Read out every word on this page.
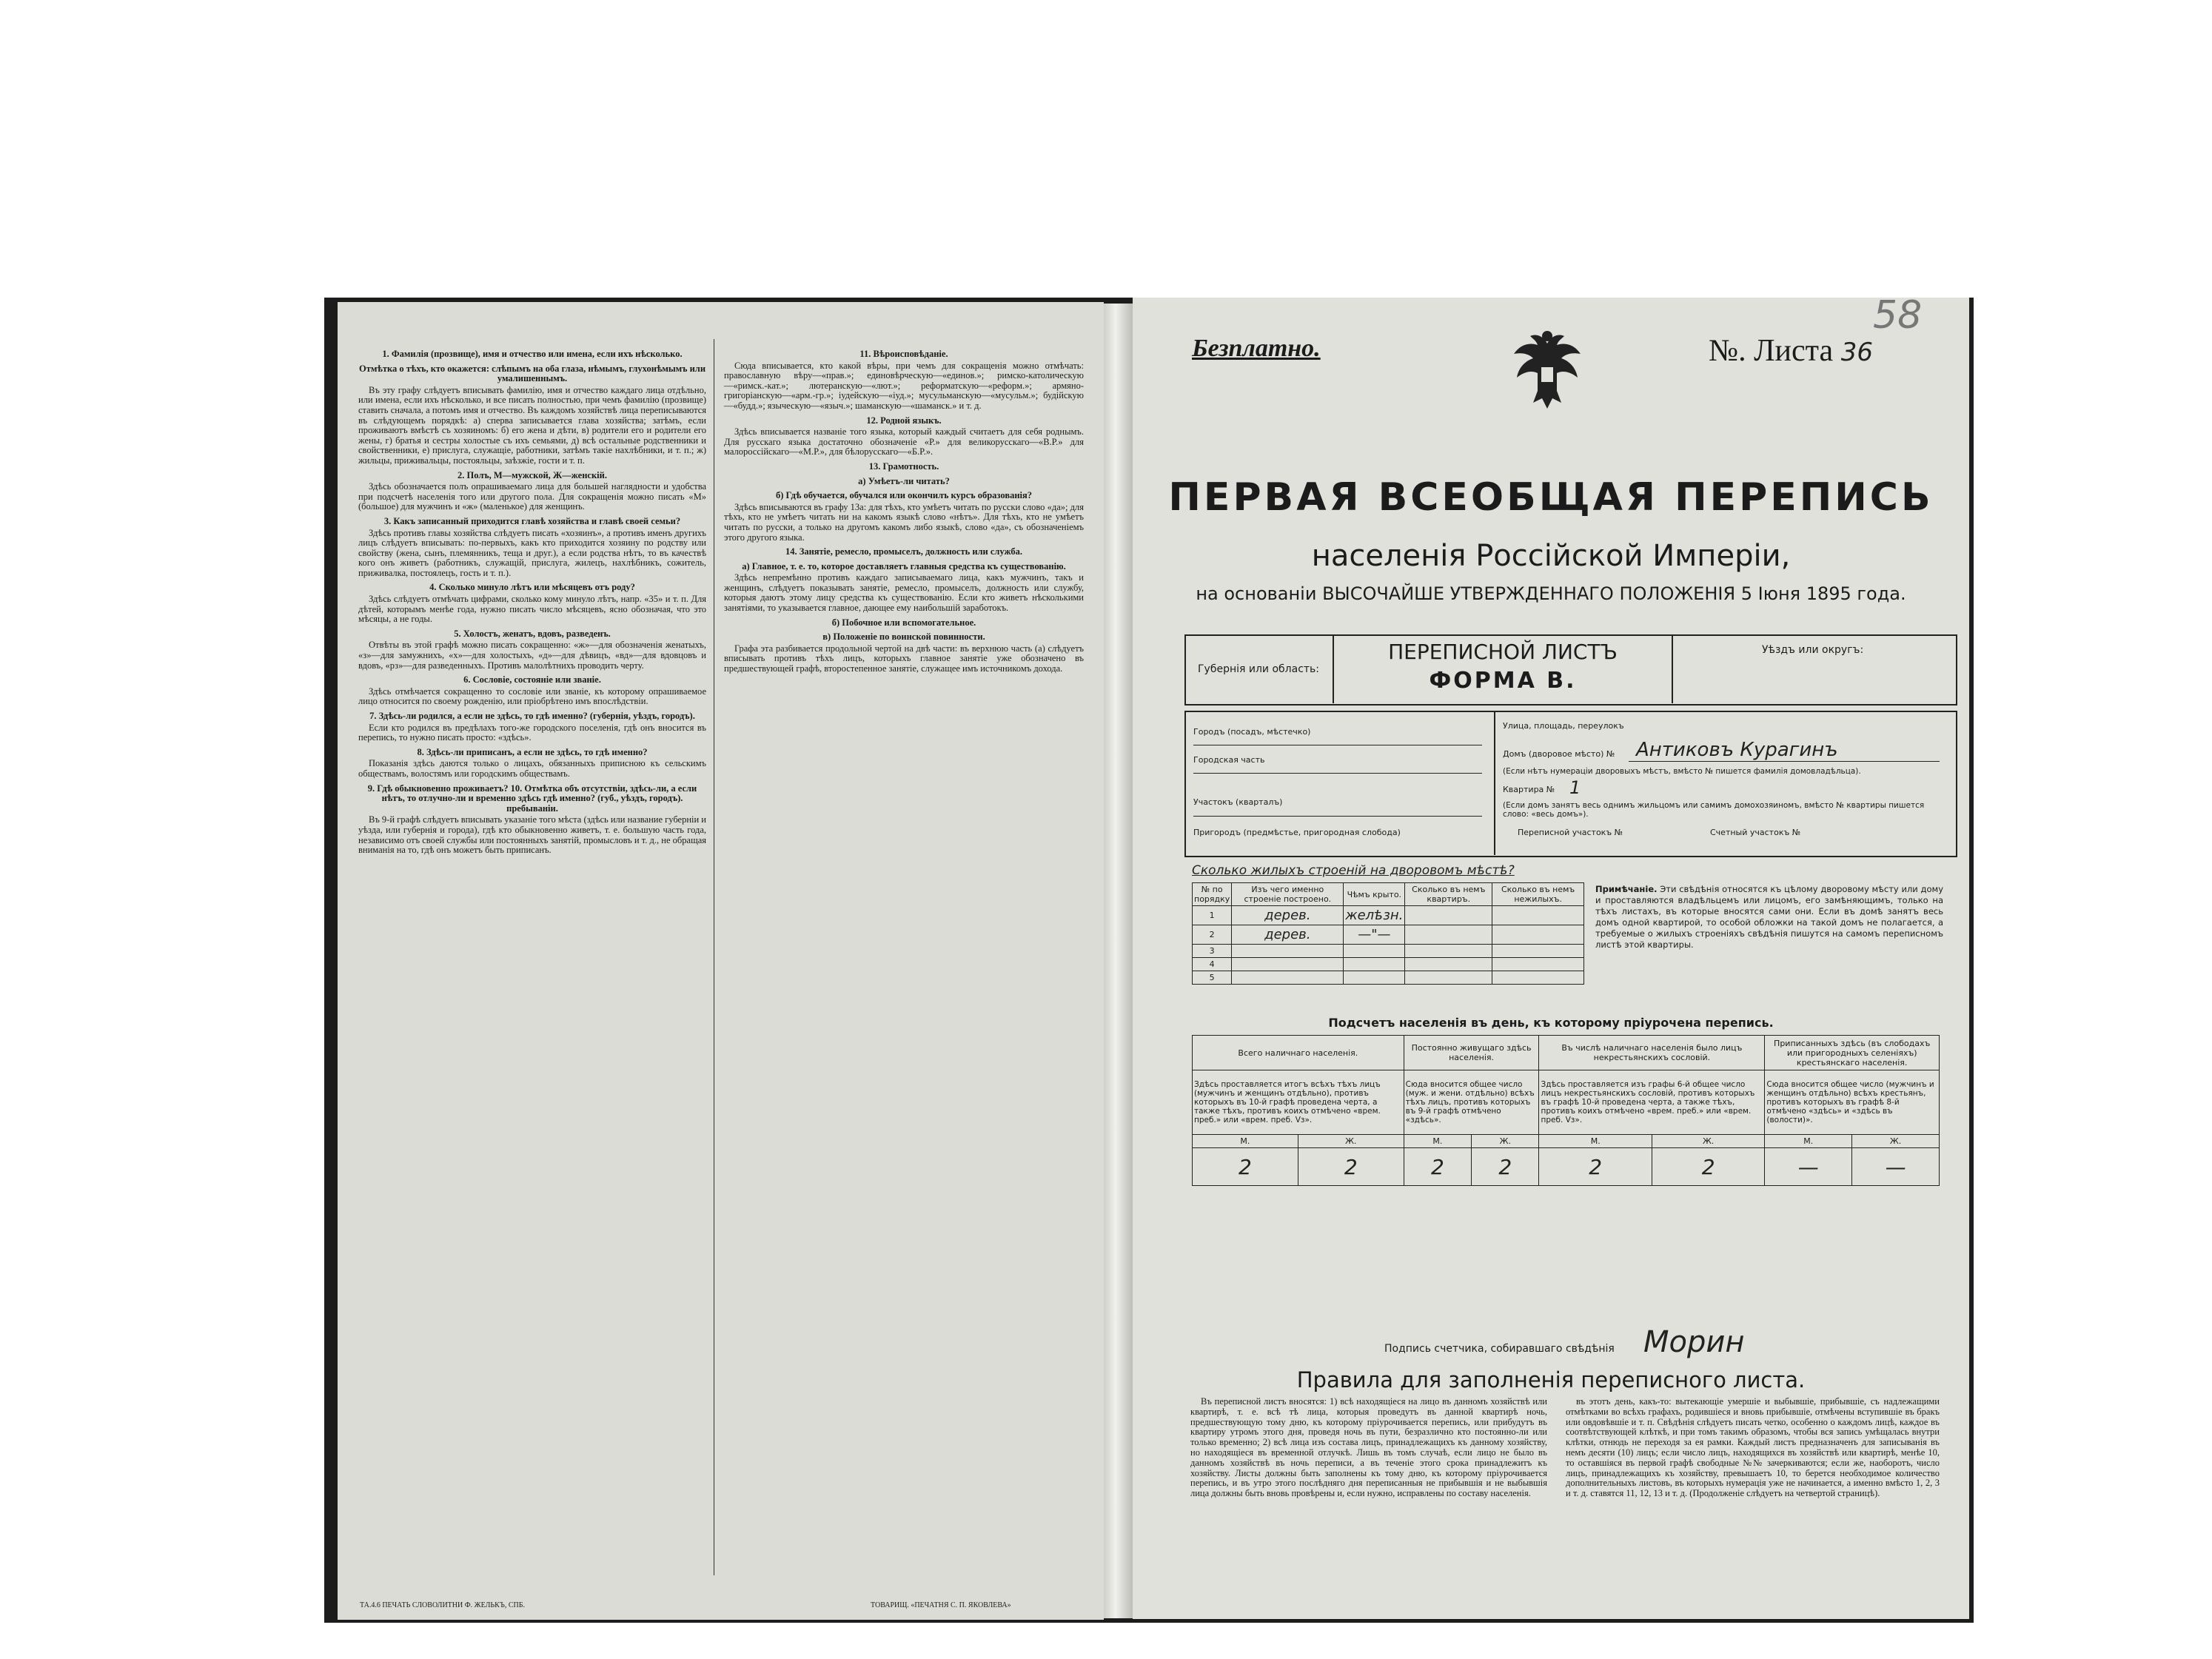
1. Фамилія (прозвище), имя и отчество или имена, если ихъ нѣсколько.
Отмѣтка о тѣхъ, кто окажется: слѣпымъ на оба глаза, нѣмымъ, глухонѣмымъ или умалишеннымъ.

Въ эту графу слѣдуетъ вписывать фамилію, имя и отчество каждаго лица отдѣльно, или имена, если ихъ нѣсколько, и все писать полностью, при чемъ фамилію (прозвище) ставить сначала, а потомъ имя и отчество. Въ каждомъ хозяйствѣ лица переписываются въ слѣдующемъ порядкѣ: а) сперва записывается глава хозяйства; затѣмъ, если проживаютъ вмѣстѣ съ хозяиномъ: б) его жена и дѣти, в) родители его и родители его жены, г) братья и сестры холостые съ ихъ семьями, д) всѣ остальные родственники и свойственники, е) прислуга, служащіе, работники, затѣмъ такіе нахлѣбники, и т. п.; ж) жильцы, приживальцы, постояльцы, заѣзжіе, гости и т. п.

2. Полъ, М—мужской, Ж—женскій.

Здѣсь обозначается полъ опрашиваемаго лица для большей наглядности и удобства при подсчетѣ населенія того или другого пола. Для сокращенія можно писать «М» (большое) для мужчинъ и «ж» (маленькое) для женщинъ.

3. Какъ записанный приходится главѣ хозяйства и главѣ своей семьи?

Здѣсь противъ главы хозяйства слѣдуетъ писать «хозяинъ», а противъ именъ другихъ лицъ слѣдуетъ вписывать: по-первыхъ, какъ кто приходится хозяину по родству или свойству (жена, сынъ, племянникъ, теща и друг.), а если родства нѣтъ, то въ качествѣ кого онъ живетъ (работникъ, служащій, прислуга, жилецъ, нахлѣбникъ, сожитель, приживалка, постоялецъ, гость и т. п.).

4. Сколько минуло лѣтъ или мѣсяцевъ отъ роду?

Здѣсь слѣдуетъ отмѣчать цифрами, сколько кому минуло лѣтъ, напр. «35» и т. п. Для дѣтей, которымъ менѣе года, нужно писать число мѣсяцевъ, ясно обозначая, что это мѣсяцы, а не годы.

5. Холостъ, женатъ, вдовъ, разведенъ.

Отвѣты въ этой графѣ можно писать сокращенно: «ж»—для обозначенія женатыхъ, «з»—для замужнихъ, «х»—для холостыхъ, «д»—для дѣвицъ, «вд»—для вдовцовъ и вдовъ, «рз»—для разведенныхъ. Противъ малолѣтнихъ проводить черту.

6. Сословіе, состояніе или званіе.

Здѣсь отмѣчается сокращенно то сословіе или званіе, къ которому опрашиваемое лицо относится по своему рожденію, или пріобрѣтено имъ впослѣдствіи.

7. Здѣсь-ли родился, а если не здѣсь, то гдѣ именно? (губернія, уѣздъ, городъ).

Если кто родился въ предѣлахъ того-же городского поселенія, гдѣ онъ вносится въ перепись, то нужно писать просто: «здѣсь».

8. Здѣсь-ли приписанъ, а если не здѣсь, то гдѣ именно?

Показанія здѣсь даются только о лицахъ, обязанныхъ приписною къ сельскимъ обществамъ, волостямъ или городскимъ обществамъ.

9. Гдѣ обыкновенно проживаетъ? 10. Отмѣтка объ отсутствіи, здѣсь-ли, а если нѣтъ, то отлучно-ли и временно здѣсь гдѣ именно? (губ., уѣздъ, городъ). пребываніи.

Въ 9-й графѣ слѣдуетъ вписывать указаніе того мѣста (здѣсь или название губерніи и уѣзда, или губернія и города), гдѣ кто обыкновенно живетъ, т. е. большую часть года, независимо отъ своей службы или постоянныхъ занятій, промысловъ и т. д., не обращая вниманія на то, гдѣ онъ можетъ быть приписанъ.

11. Вѣроисповѣданіе.

Сюда вписывается, кто какой вѣры, при чемъ для сокращенія можно отмѣчать: православную вѣру—«прав.»; единовѣрческую—«единов.»; римско-католическую—«римск.-кат.»; лютеранскую—«лют.»; реформатскую—«реформ.»; армяно-григоріанскую—«арм.-гр.»; іудейскую—«іуд.»; мусульманскую—«мусульм.»; будійскую—«будд.»; языческую—«языч.»; шаманскую—«шаманск.» и т. д.

12. Родной языкъ.

Здѣсь вписывается названіе того языка, который каждый считаетъ для себя роднымъ. Для русскаго языка достаточно обозначеніе «Р.» для великорусскаго—«В.Р.» для малороссійскаго—«М.Р.», для бѣлорусскаго—«Б.Р.».

13. Грамотность.
а) Умѣетъ-ли читать?
б) Гдѣ обучается, обучался или окончилъ курсъ образованія?

Здѣсь вписываются въ графу 13а: для тѣхъ, кто умѣетъ читать по русски слово «да»; для тѣхъ, кто не умѣетъ читать ни на какомъ языкѣ слово «нѣтъ». Для тѣхъ, кто не умѣетъ читать по русски, а только на другомъ какомъ либо языкѣ, слово «да», съ обозначеніемъ этого другого языка.

14. Занятіе, ремесло, промыселъ, должность или служба.
а) Главное, т. е. то, которое доставляетъ главныя средства къ существованію.

Здѣсь непремѣнно противъ каждаго записываемаго лица, какъ мужчинъ, такъ и женщинъ, слѣдуетъ показывать занятіе, ремесло, промыселъ, должность или службу, которыя даютъ этому лицу средства къ существованію. Если кто живетъ нѣсколькими занятіями, то указывается главное, дающее ему наибольшій заработокъ.

б) Побочное или вспомогательное.
в) Положеніе по воинской повинности.

Графа эта разбивается продольной чертой на двѣ части: въ верхнюю часть (а) слѣдуетъ вписывать противъ тѣхъ лицъ, которыхъ главное занятіе уже обозначено въ предшествующей графѣ, второстепенное занятіе, служащее имъ источникомъ дохода.

ТА.4.6 ПЕЧАТЬ СЛОВОЛИТНИ Ф. ЖЕЛЬКЪ, СПБ.	ТОВАРИЩ. «ПЕЧАТНЯ С. П. ЯКОВЛЕВА»
Безплатно.	№. Листа 36
58
ПЕРВАЯ ВСЕОБЩАЯ ПЕРЕПИСЬ
населенія Россійской Имперіи,
на основаніи ВЫСОЧАЙШЕ УТВЕРЖДЕННАГО ПОЛОЖЕНІЯ 5 Іюня 1895 года.
Губернія или область:
ПЕРЕПИСНОЙ ЛИСТЪ
ФОРМА В.
Уѣздъ или округъ:
Городъ (посадъ, мѣстечко)
Городская часть
Участокъ (кварталъ)
Пригородъ (предмѣстье, пригородная слобода)
Улица, площадь, переулокъ
Домъ (дворовое мѣсто) № Антиковъ Курагинъ
(Если нѣтъ нумераціи дворовыхъ мѣстъ, вмѣсто № пишется фамилія домовладѣльца).
Квартира № 1
(Если домъ занятъ весь однимъ жильцомъ или самимъ домохозяиномъ, вмѣсто № квартиры пишется слово: «весь домъ»).
Переписной участокъ №	Счетный участокъ №
Сколько жилыхъ строеній на дворовомъ мѣстѣ?
№ по порядку	Изъ чего именно строеніе построено.	Чѣмъ крыто.	Сколько въ немъ квартиръ.	Сколько въ немъ нежилыхъ.
1	дерев.	желѣзн.		
2	дерев.	—"—		
3				
4				
5				
Примѣчаніе. Эти свѣдѣнія относятся къ цѣлому дворовому мѣсту или дому и проставляются владѣльцемъ или лицомъ, его замѣняющимъ, только на тѣхъ листахъ, въ которые вносятся сами они. Если въ домѣ занятъ весь домъ одной квартирой, то особой обложки на такой домъ не полагается, а требуемые о жилыхъ строеніяхъ свѣдѣнія пишутся на самомъ переписномъ листѣ этой квартиры.
Подсчетъ населенія въ день, къ которому пріурочена перепись.
Всего наличнаго населенія.		Постоянно живущаго здѣсь населенія.		Въ числѣ наличнаго населенія было лицъ некрестьянскихъ сословій.		Приписанныхъ здѣсь (въ слободахъ или пригородныхъ селеніяхъ) крестьянскаго населенія.	
Здѣсь проставляется итогъ всѣхъ тѣхъ лицъ (мужчинъ и женщинъ отдѣльно), противъ которыхъ въ 10-й графѣ проведена черта, а также тѣхъ, противъ коихъ отмѣчено «врем. преб.» или «врем. преб. Vз».		Сюда вносится общее число (муж. и жени. отдѣльно) всѣхъ тѣхъ лицъ, противъ которыхъ въ 9-й графѣ отмѣчено «здѣсь».		Здѣсь проставляется изъ графы 6-й общее число лицъ некрестьянскихъ сословій, противъ которыхъ въ графѣ 10-й проведена черта, а также тѣхъ, противъ коихъ отмѣчено «врем. преб.» или «врем. преб. Vз».		Сюда вносится общее число (мужчинъ и женщинъ отдѣльно) всѣхъ крестьянъ, противъ которыхъ въ графѣ 8-й отмѣчено «здѣсь» и «здѣсь въ (волости)».	
М.	Ж.	М.	Ж.	М.	Ж.	М.	Ж.
2	2	2	2	2	2	—	—
Подпись счетчика, собиравшаго свѣдѣнія Морин
Правила для заполненія переписного листа.

Въ переписной листъ вносятся: 1) всѣ находящіеся на лицо въ данномъ хозяйствѣ или квартирѣ, т. е. всѣ тѣ лица, которыя проведутъ въ данной квартирѣ ночь, предшествующую тому дню, къ которому пріурочивается перепись, или прибудутъ въ квартиру утромъ этого дня, проведя ночь въ пути, безразлично кто постоянно-ли или только временно; 2) всѣ лица изъ состава лицъ, принадлежащихъ къ данному хозяйству, но находящіеся въ временной отлучкѣ. Лишь въ томъ случаѣ, если лицо не было въ данномъ хозяйствѣ въ ночь переписи, а въ теченіе этого срока принадлежитъ къ хозяйству. Листы должны быть заполнены къ тому дню, къ которому пріурочивается перепись, и въ утро этого послѣдняго дня переписанныя не прибывшія и не выбывшія лица должны быть вновь провѣрены и, если нужно, исправлены по составу населенія.

въ этотъ день, какъ-то: вытекающіе умершіе и выбывшіе, прибывшіе, съ надлежащими отмѣтками во всѣхъ графахъ, родившіеся и вновь прибывшіе, отмѣчены вступившіе въ бракъ или овдовѣвшіе и т. п. Свѣдѣнія слѣдуетъ писать четко, особенно о каждомъ лицѣ, каждое въ соотвѣтствующей клѣткѣ, и при томъ такимъ образомъ, чтобы вся запись умѣщалась внутри клѣтки, отнюдь не переходя за ея рамки. Каждый листъ предназначенъ для записыванія въ немъ десяти (10) лицъ; если число лицъ, находящихся въ хозяйствѣ или квартирѣ, менѣе 10, то оставшіяся въ первой графѣ свободные №№ зачеркиваются; если же, наоборотъ, число лицъ, принадлежащихъ къ хозяйству, превышаетъ 10, то берется необходимое количество дополнительныхъ листовъ, въ которыхъ нумерація уже не начинается, а именно вмѣсто 1, 2, 3 и т. д. ставятся 11, 12, 13 и т. д. (Продолженіе слѣдуетъ на четвертой страницѣ).
